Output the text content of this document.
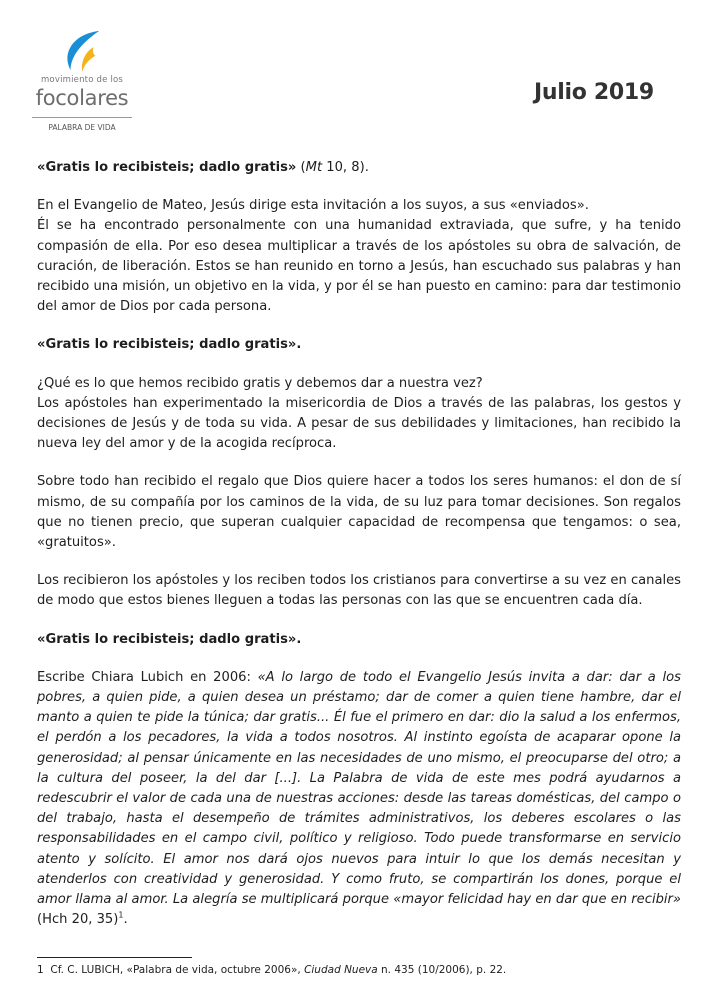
movimiento de los
focolares
PALABRA DE VIDA
Julio 2019

«Gratis lo recibisteis; dadlo gratis» (Mt 10, 8).

En el Evangelio de Mateo, Jesús dirige esta invitación a los suyos, a sus «enviados».

Él se ha encontrado personalmente con una humanidad extraviada, que sufre, y ha tenido compasión de ella. Por eso desea multiplicar a través de los apóstoles su obra de salvación, de curación, de liberación. Estos se han reunido en torno a Jesús, han escuchado sus palabras y han recibido una misión, un objetivo en la vida, y por él se han puesto en camino: para dar testimonio del amor de Dios por cada persona.

«Gratis lo recibisteis; dadlo gratis».

¿Qué es lo que hemos recibido gratis y debemos dar a nuestra vez?

Los apóstoles han experimentado la misericordia de Dios a través de las palabras, los gestos y decisiones de Jesús y de toda su vida. A pesar de sus debilidades y limitaciones, han recibido la nueva ley del amor y de la acogida recíproca.

Sobre todo han recibido el regalo que Dios quiere hacer a todos los seres humanos: el don de sí mismo, de su compañía por los caminos de la vida, de su luz para tomar decisiones. Son regalos que no tienen precio, que superan cualquier capacidad de recompensa que tengamos: o sea, «gratuitos».

Los recibieron los apóstoles y los reciben todos los cristianos para convertirse a su vez en canales de modo que estos bienes lleguen a todas las personas con las que se encuentren cada día.

«Gratis lo recibisteis; dadlo gratis».

Escribe Chiara Lubich en 2006: «A lo largo de todo el Evangelio Jesús invita a dar: dar a los pobres, a quien pide, a quien desea un préstamo; dar de comer a quien tiene hambre, dar el manto a quien te pide la túnica; dar gratis... Él fue el primero en dar: dio la salud a los enfermos, el perdón a los pecadores, la vida a todos nosotros. Al instinto egoísta de acaparar opone la generosidad; al pensar únicamente en las necesidades de uno mismo, el preocuparse del otro; a la cultura del poseer, la del dar [...]. La Palabra de vida de este mes podrá ayudarnos a redescubrir el valor de cada una de nuestras acciones: desde las tareas domésticas, del campo o del trabajo, hasta el desempeño de trámites administrativos, los deberes escolares o las responsabilidades en el campo civil, político y religioso. Todo puede transformarse en servicio atento y solícito. El amor nos dará ojos nuevos para intuir lo que los demás necesitan y atenderlos con creatividad y generosidad. Y como fruto, se compartirán los dones, porque el amor llama al amor. La alegría se multiplicará porque «mayor felicidad hay en dar que en recibir» (Hch 20, 35)$^1$.

1  Cf. C. LUBICH, «Palabra de vida, octubre 2006», Ciudad Nueva n. 435 (10/2006), p. 22.
